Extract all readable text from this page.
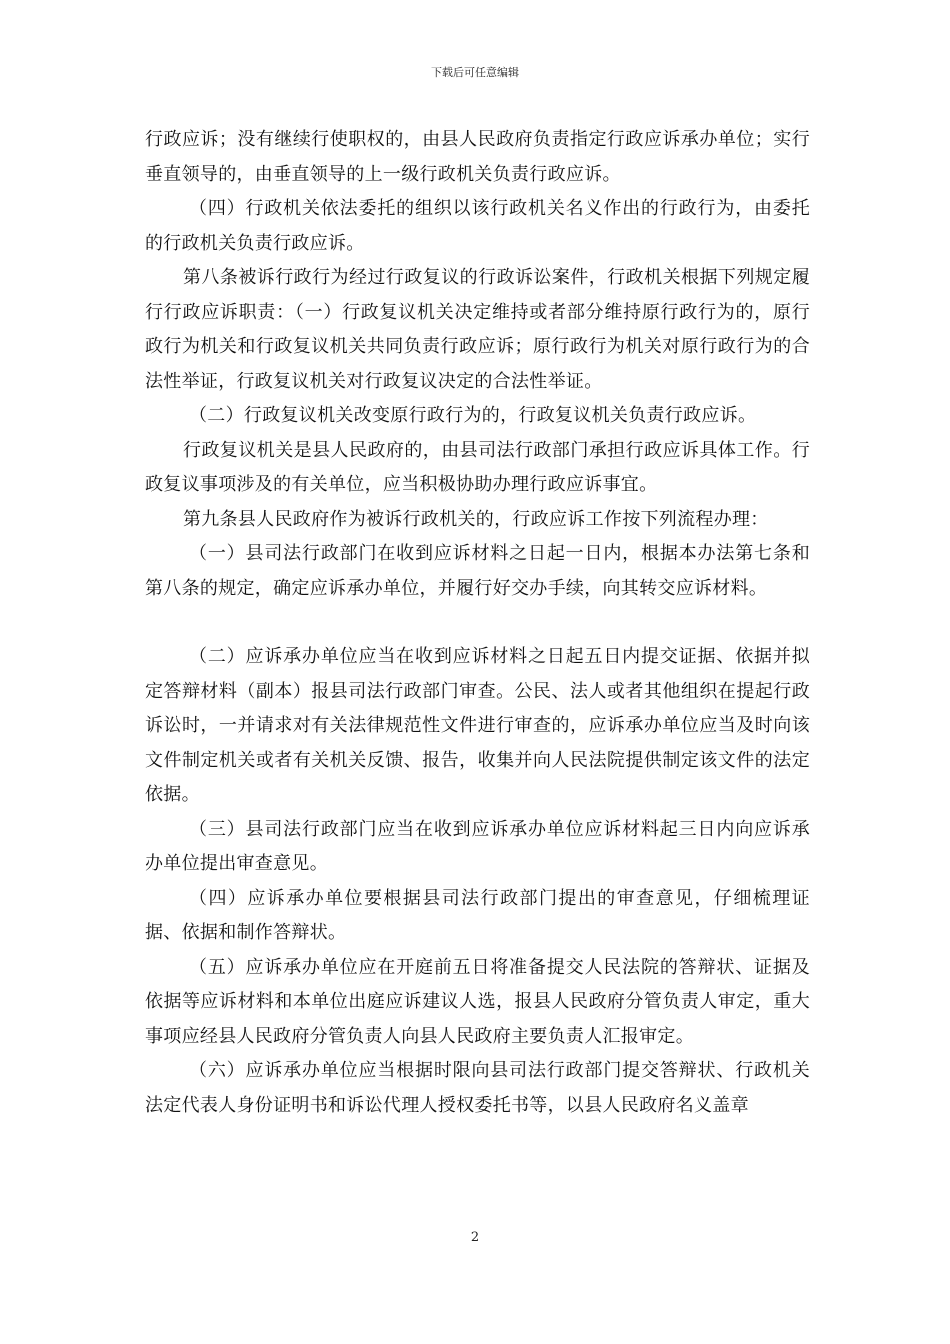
下载后可任意编辑

行政应诉；没有继续行使职权的，由县人民政府负责指定行政应诉承办单位；实行垂直领导的，由垂直领导的上一级行政机关负责行政应诉。

（四）行政机关依法委托的组织以该行政机关名义作出的行政行为，由委托的行政机关负责行政应诉。

第八条被诉行政行为经过行政复议的行政诉讼案件，行政机关根据下列规定履行行政应诉职责：（一）行政复议机关决定维持或者部分维持原行政行为的，原行政行为机关和行政复议机关共同负责行政应诉；原行政行为机关对原行政行为的合法性举证，行政复议机关对行政复议决定的合法性举证。

（二）行政复议机关改变原行政行为的，行政复议机关负责行政应诉。

行政复议机关是县人民政府的，由县司法行政部门承担行政应诉具体工作。行政复议事项涉及的有关单位，应当积极协助办理行政应诉事宜。

第九条县人民政府作为被诉行政机关的，行政应诉工作按下列流程办理：

（一）县司法行政部门在收到应诉材料之日起一日内，根据本办法第七条和第八条的规定，确定应诉承办单位，并履行好交办手续，向其转交应诉材料。

（二）应诉承办单位应当在收到应诉材料之日起五日内提交证据、依据并拟定答辩材料（副本）报县司法行政部门审查。公民、法人或者其他组织在提起行政诉讼时，一并请求对有关法律规范性文件进行审查的，应诉承办单位应当及时向该文件制定机关或者有关机关反馈、报告，收集并向人民法院提供制定该文件的法定依据。

（三）县司法行政部门应当在收到应诉承办单位应诉材料起三日内向应诉承办单位提出审查意见。

（四）应诉承办单位要根据县司法行政部门提出的审查意见，仔细梳理证据、依据和制作答辩状。

（五）应诉承办单位应在开庭前五日将准备提交人民法院的答辩状、证据及依据等应诉材料和本单位出庭应诉建议人选，报县人民政府分管负责人审定，重大事项应经县人民政府分管负责人向县人民政府主要负责人汇报审定。

（六）应诉承办单位应当根据时限向县司法行政部门提交答辩状、行政机关法定代表人身份证明书和诉讼代理人授权委托书等，以县人民政府名义盖章

2
